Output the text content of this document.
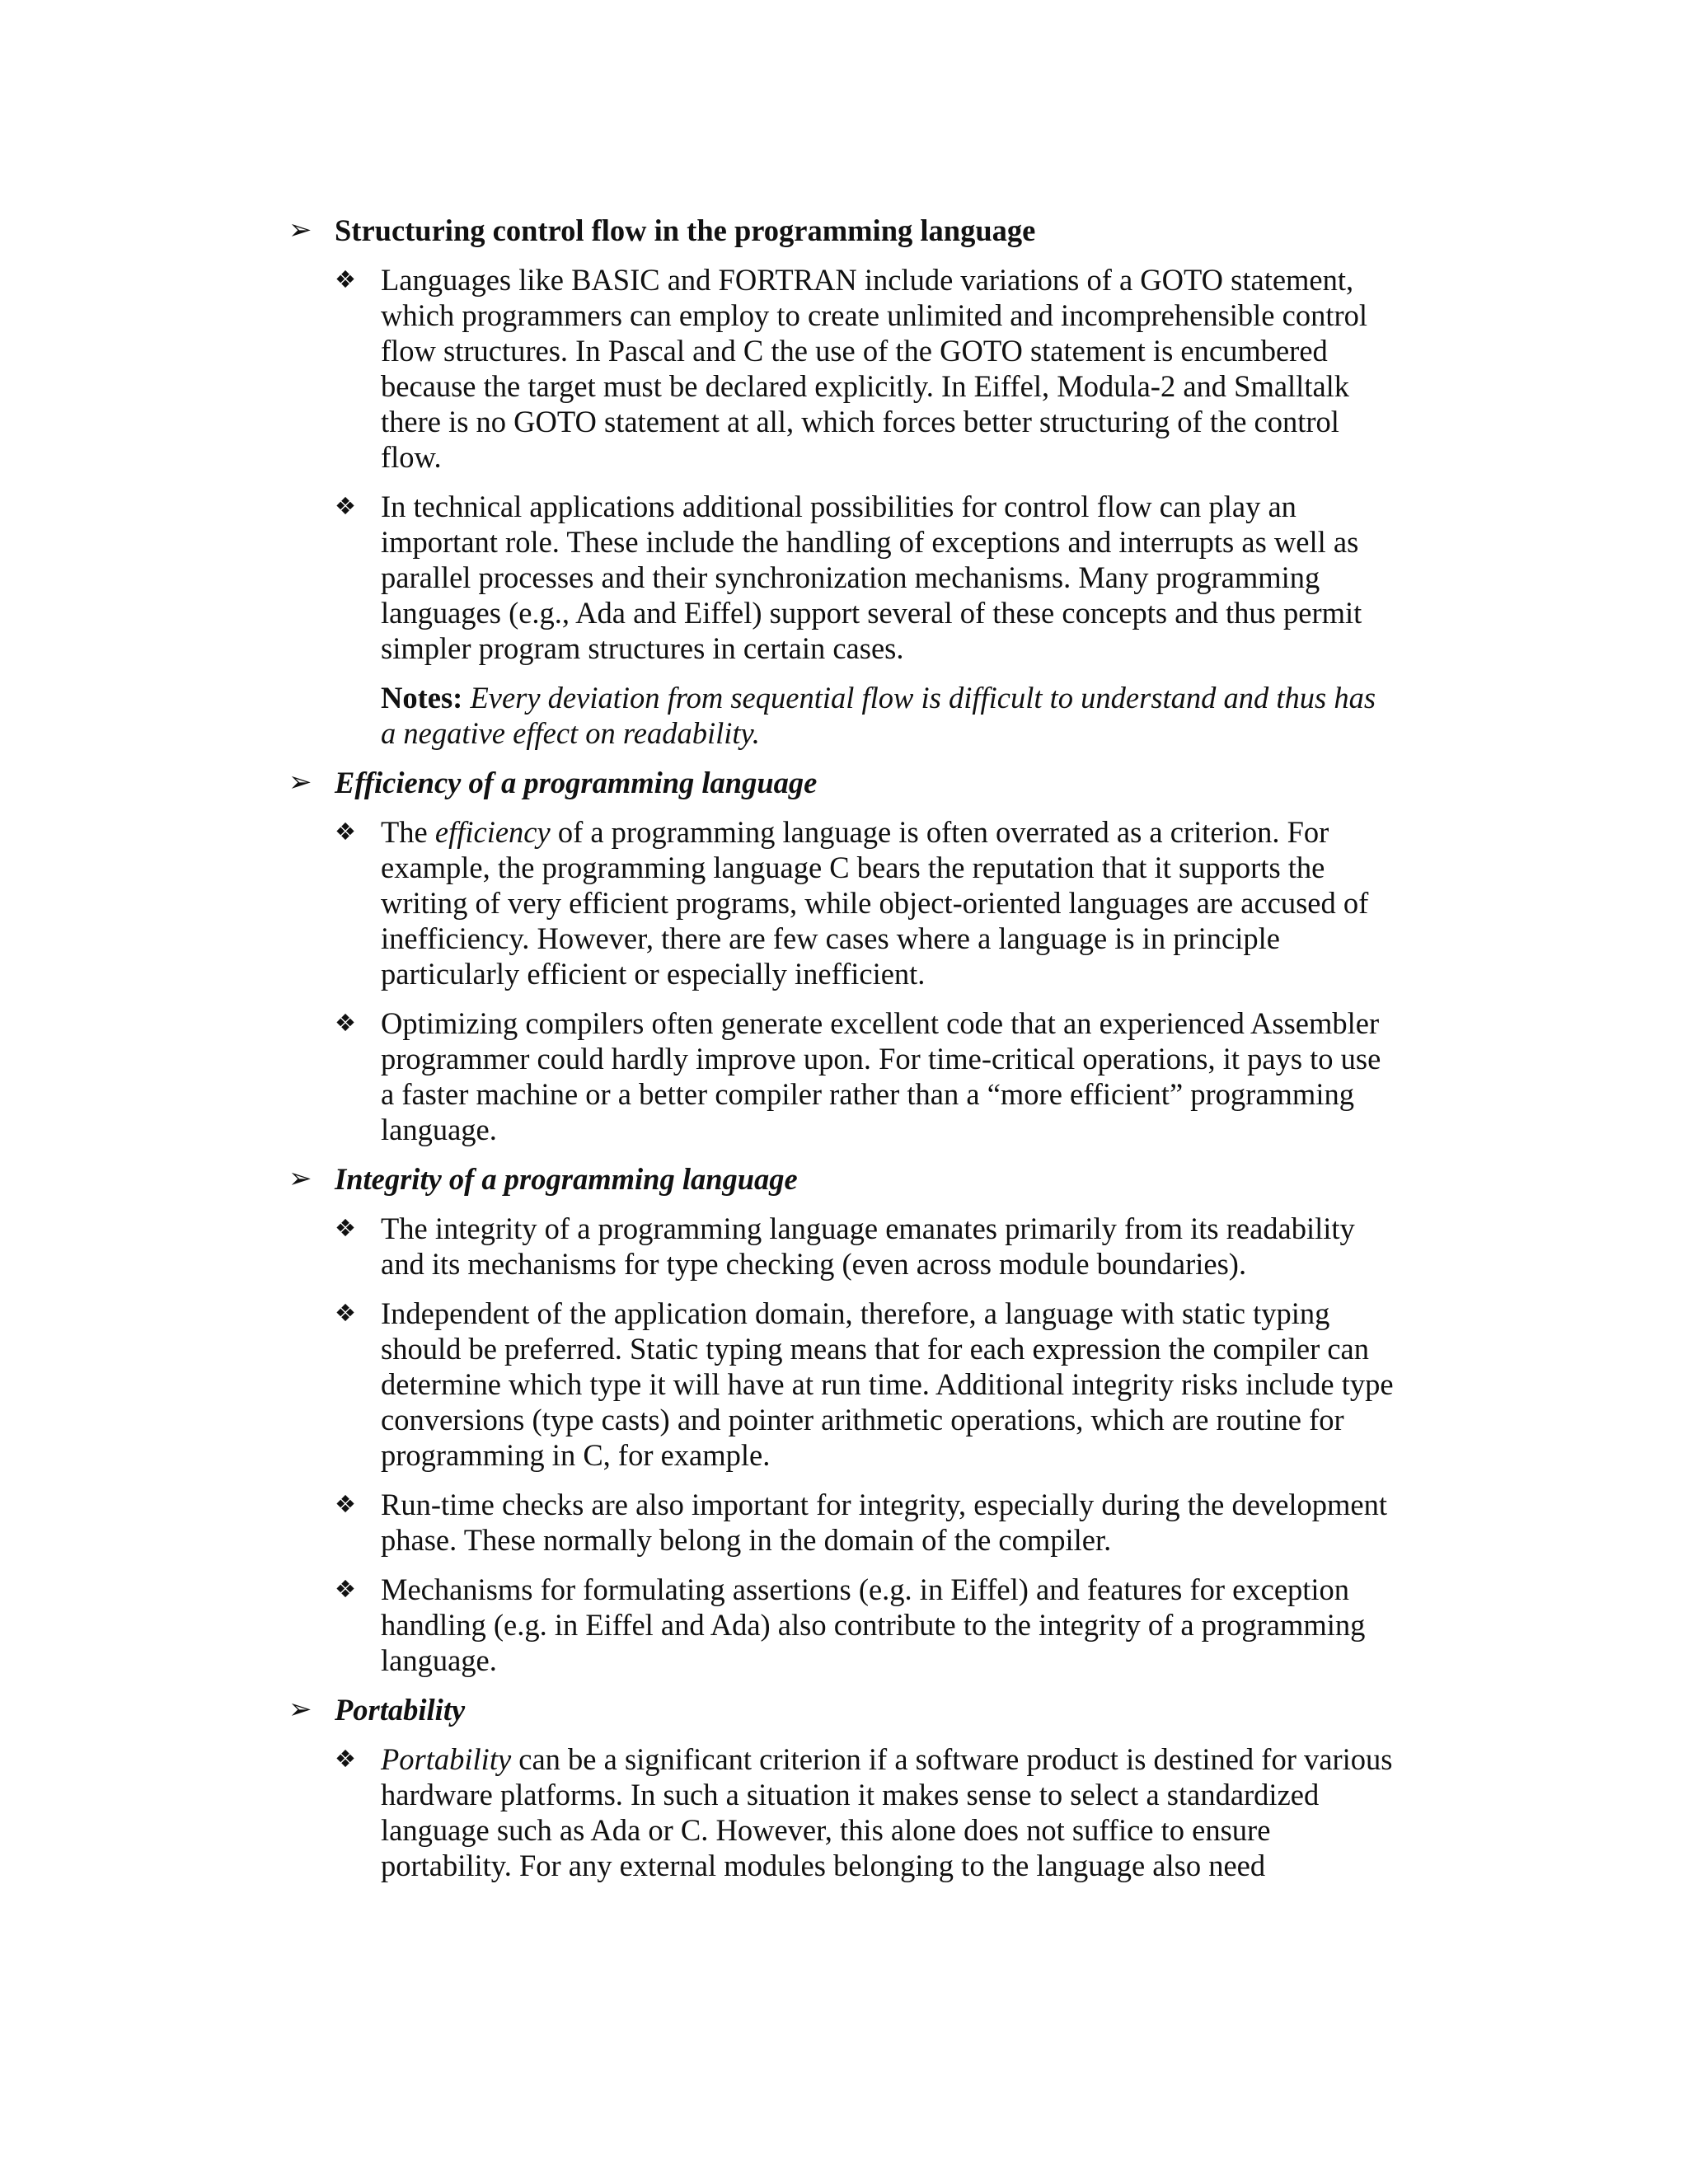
➢ Structuring control flow in the programming language
❖ Languages like BASIC and FORTRAN include variations of a GOTO statement, which programmers can employ to create unlimited and incomprehensible control flow structures. In Pascal and C the use of the GOTO statement is encumbered because the target must be declared explicitly. In Eiffel, Modula-2 and Smalltalk there is no GOTO statement at all, which forces better structuring of the control flow.
❖ In technical applications additional possibilities for control flow can play an important role. These include the handling of exceptions and interrupts as well as parallel processes and their synchronization mechanisms. Many programming languages (e.g., Ada and Eiffel) support several of these concepts and thus permit simpler program structures in certain cases.
Notes: Every deviation from sequential flow is difficult to understand and thus has a negative effect on readability.
➢ Efficiency of a programming language
❖ The efficiency of a programming language is often overrated as a criterion. For example, the programming language C bears the reputation that it supports the writing of very efficient programs, while object-oriented languages are accused of inefficiency. However, there are few cases where a language is in principle particularly efficient or especially inefficient.
❖ Optimizing compilers often generate excellent code that an experienced Assembler programmer could hardly improve upon. For time-critical operations, it pays to use a faster machine or a better compiler rather than a “more efficient” programming language.
➢ Integrity of a programming language
❖ The integrity of a programming language emanates primarily from its readability and its mechanisms for type checking (even across module boundaries).
❖ Independent of the application domain, therefore, a language with static typing should be preferred. Static typing means that for each expression the compiler can determine which type it will have at run time. Additional integrity risks include type conversions (type casts) and pointer arithmetic operations, which are routine for programming in C, for example.
❖ Run-time checks are also important for integrity, especially during the development phase. These normally belong in the domain of the compiler.
❖ Mechanisms for formulating assertions (e.g. in Eiffel) and features for exception handling (e.g. in Eiffel and Ada) also contribute to the integrity of a programming language.
➢ Portability
❖ Portability can be a significant criterion if a software product is destined for various hardware platforms. In such a situation it makes sense to select a standardized language such as Ada or C. However, this alone does not suffice to ensure portability. For any external modules belonging to the language also need
